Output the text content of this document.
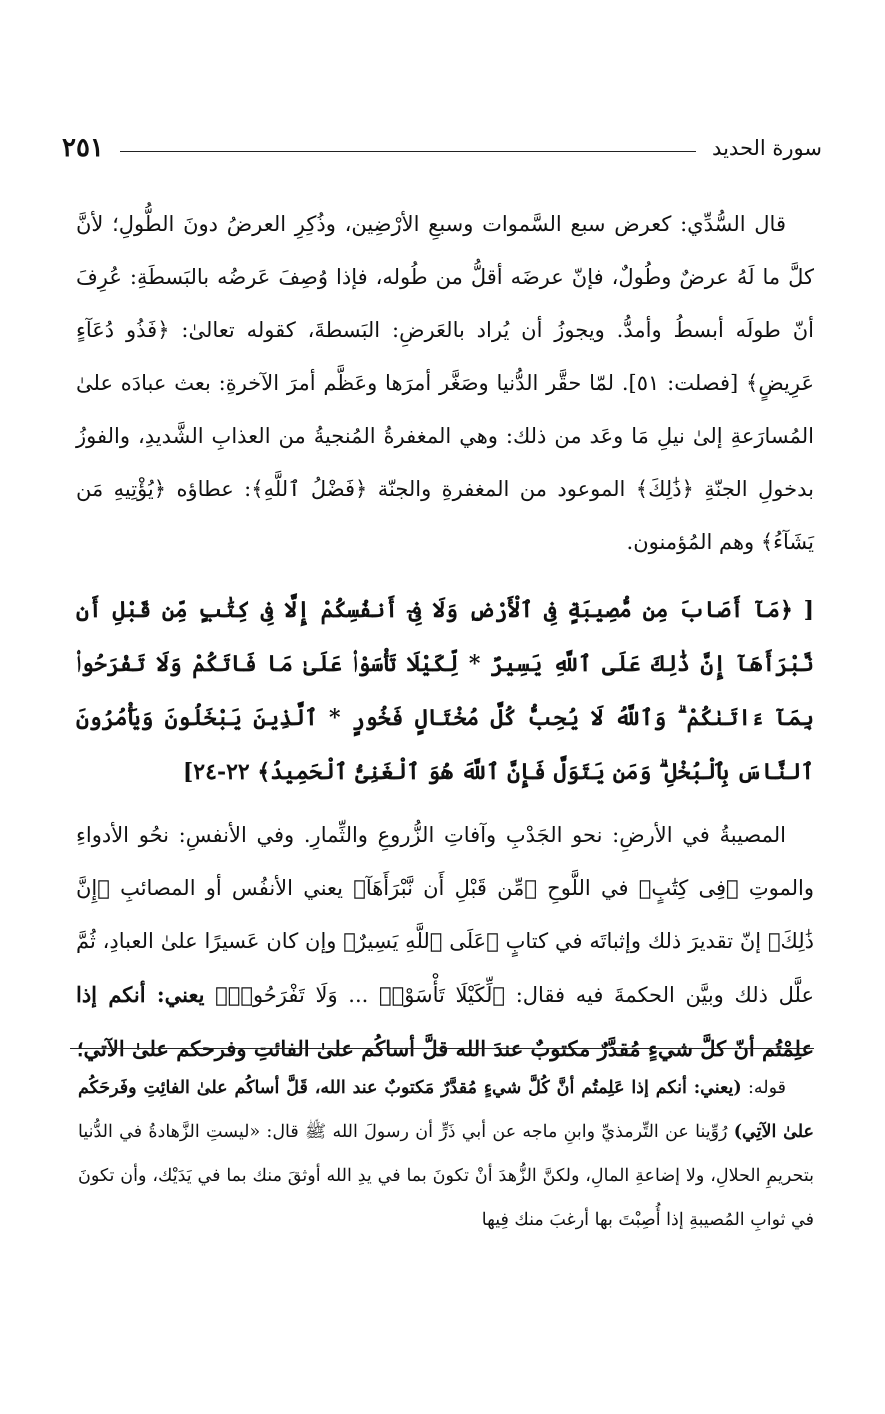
سورة الحديد
٢٥١

قال السُّدِّي: كعرض سبع السَّموات وسبعِ الأرْضِين، وذُكِرِ العرضُ دونَ الطُّولِ؛ لأنَّ كلَّ ما لَهُ عرضٌ وطُولٌ، فإنّ عرضَه أقلُّ من طُوله، فإذا وُصِفَ عَرضُه بالبَسطَةِ: عُرِفَ أنّ طولَه أبسطُ وأمدُّ. ويجوزُ أن يُراد بالعَرضِ: البَسطةَ، كقوله تعالىٰ: ﴿فَذُو دُعَآءٍ عَرِيضٍ﴾ [فصلت: ٥١]. لمّا حقَّر الدُّنيا وصَغَّر أمرَها وعَظَّم أمرَ الآخرةِ: بعث عبادَه علىٰ المُسارَعةِ إلىٰ نيلِ مَا وعَد من ذلك: وهي المغفرةُ المُنجيةُ من العذابِ الشَّديدِ، والفوزُ بدخولِ الجنّةِ ﴿ذَٰلِكَ﴾ الموعود من المغفرةِ والجنّة ﴿فَضْلُ ٱللَّهِ﴾: عطاؤه ﴿يُؤْتِيهِ مَن يَشَآءُ﴾ وهم المُؤمنون.

[ ﴿مَآ أَصَابَ مِن مُّصِيبَةٍ فِى ٱلْأَرْضِ وَلَا فِىٓ أَنفُسِكُمْ إِلَّا فِى كِتَٰبٍ مِّن قَبْلِ أَن نَّبْرَأَهَآ إِنَّ ذَٰلِكَ عَلَى ٱللَّهِ يَسِيرٌ * لِّكَيْلَا تَأْسَوْا۟ عَلَىٰ مَا فَاتَكُمْ وَلَا تَفْرَحُوا۟ بِمَآ ءَاتَىٰكُمْ ۗ وَٱللَّهُ لَا يُحِبُّ كُلَّ مُخْتَالٍ فَخُورٍ * ٱلَّذِينَ يَبْخَلُونَ وَيَأْمُرُونَ ٱلنَّاسَ بِٱلْبُخْلِ ۗ وَمَن يَتَوَلَّ فَإِنَّ ٱللَّهَ هُوَ ٱلْغَنِىُّ ٱلْحَمِيدُ﴾ ٢٢-٢٤]

المصيبةُ في الأرضِ: نحو الجَدْبِ وآفاتِ الزُّروعِ والثِّمارِ. وفي الأنفسِ: نحُو الأدواءِ والموتِ ﴿فِى كِتَٰبٍ﴾ في اللَّوحِ ﴿مِّن قَبْلِ أَن نَّبْرَأَهَآ﴾ يعني الأنفُس أو المصائبِ ﴿إِنَّ ذَٰلِكَ﴾ إنّ تقديرَ ذلك وإثباتَه في كتابٍ ﴿عَلَى ٱللَّهِ يَسِيرٌ﴾ وإن كان عَسيرًا علىٰ العبادِ، ثُمَّ علَّل ذلك وبيَّن الحكمةَ فيه فقال: ﴿لِّكَيْلَا تَأْسَوْا۟ ... وَلَا تَفْرَحُوا۟﴾ يعني: أنكم إذا علِمْتُم أنّ كلَّ شيءٍ مُقدَّرٌ مكتوبٌ عندَ الله قلَّ أساكُم علىٰ الفائتِ وفرحكم علىٰ الآتي؛

قوله: (يعني: أنكم إذا عَلِمتُم أنَّ كُلَّ شيءٍ مُقدَّرٌ مَكتوبٌ عند الله، قَلَّ أساكُم علىٰ الفائِتِ وفَرحَكُم علىٰ الآتِي) رُوِّينا عن التِّرمذيِّ وابنِ ماجه عن أبي ذَرٍّ أن رسولَ الله ﷺ قال: «ليستِ الزَّهادةُ في الدُّنيا بتحريمِ الحلالِ، ولا إضاعةِ المالِ، ولكنَّ الزُّهدَ أنْ تكونَ بما في يدِ الله أوثقَ منك بما في يَدَيْك، وأن تكونَ في ثوابِ المُصيبةِ إذا أُصِبْتَ بها أرغبَ منك فِيها
